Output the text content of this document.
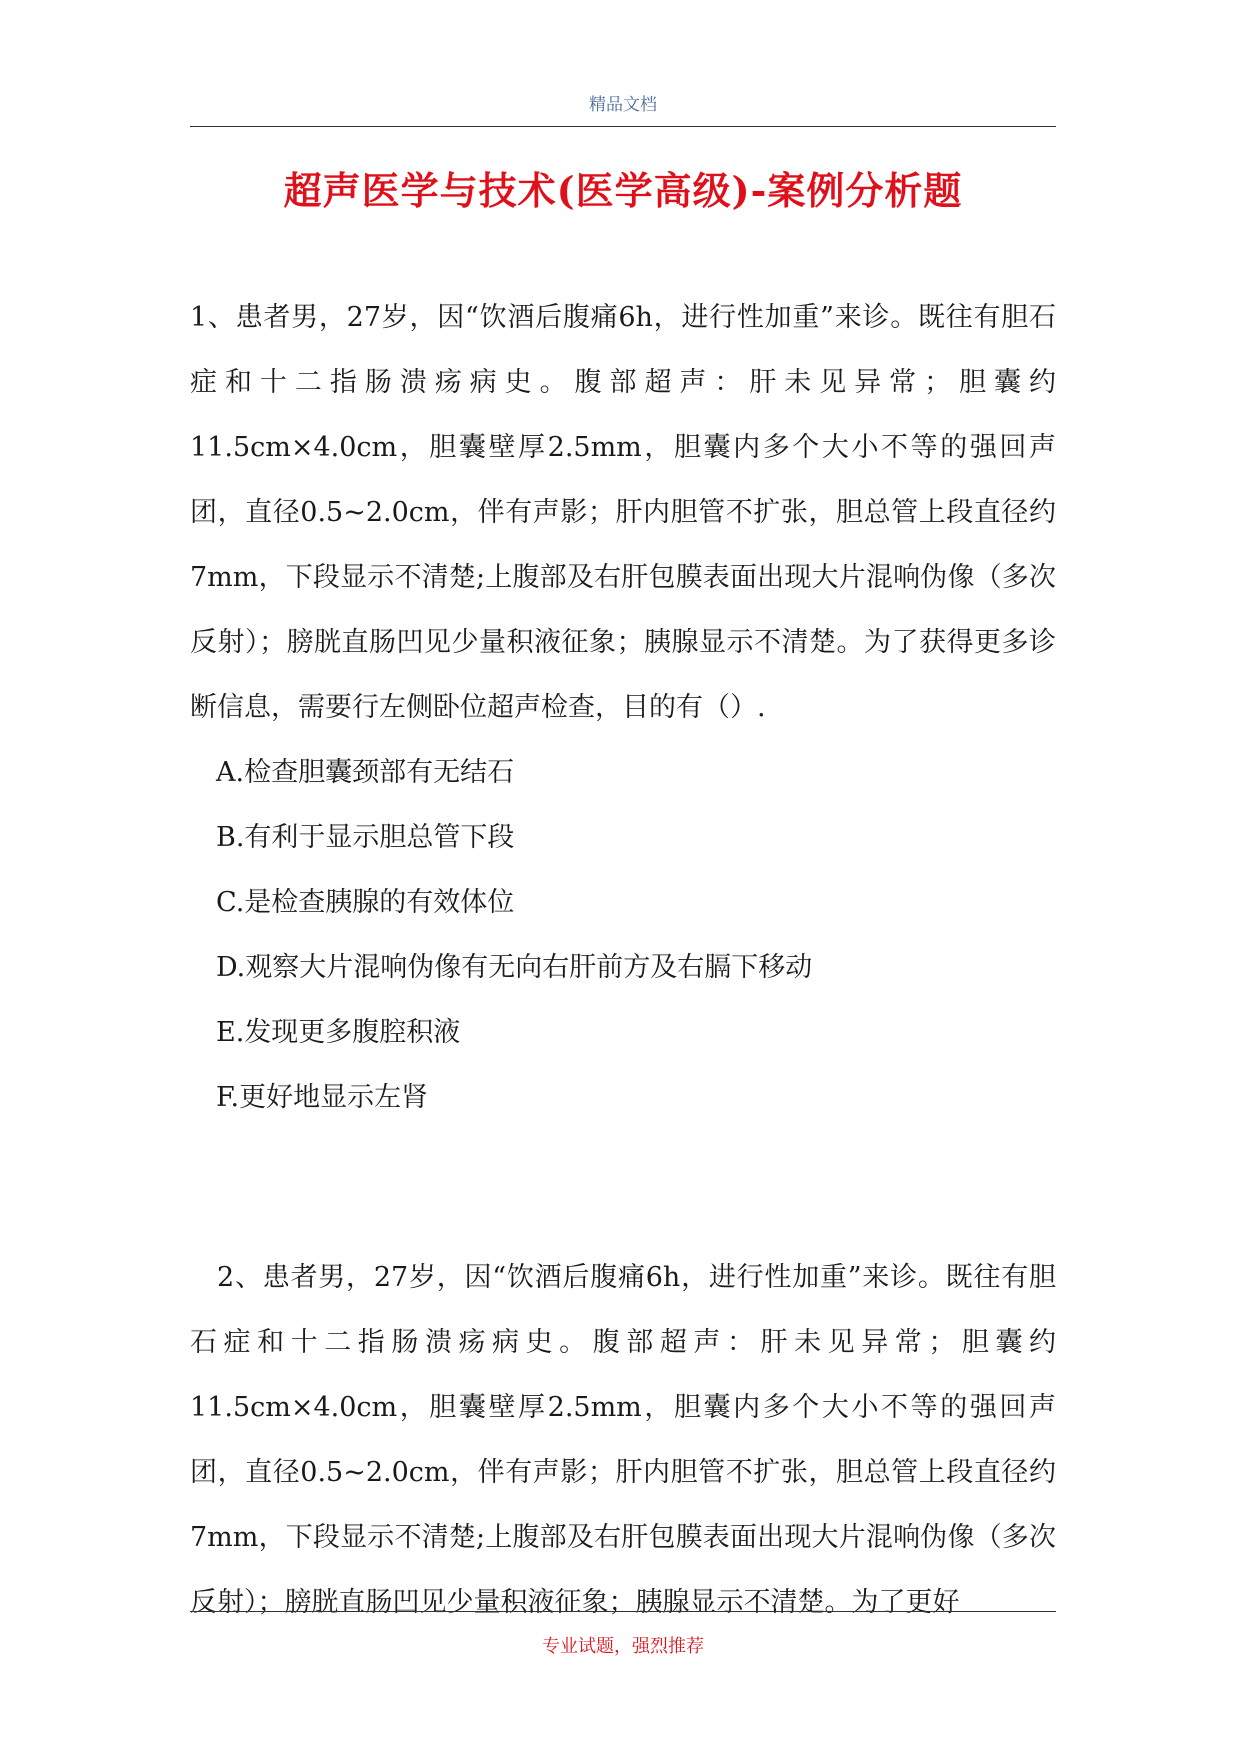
精品文档
超声医学与技术(医学高级)-案例分析题

1、患者男，27岁，因“饮酒后腹痛6h，进行性加重”来诊。既往有胆石症和十二指肠溃疡病史。腹部超声：肝未见异常；胆囊约11.5cm×4.0cm，胆囊壁厚2.5mm，胆囊内多个大小不等的强回声团，直径0.5~2.0cm，伴有声影；肝内胆管不扩张，胆总管上段直径约7mm，下段显示不清楚;上腹部及右肝包膜表面出现大片混响伪像（多次反射）；膀胱直肠凹见少量积液征象；胰腺显示不清楚。为了获得更多诊断信息，需要行左侧卧位超声检查，目的有（）.

A.检查胆囊颈部有无结石
B.有利于显示胆总管下段
C.是检查胰腺的有效体位
D.观察大片混响伪像有无向右肝前方及右膈下移动
E.发现更多腹腔积液
F.更好地显示左肾

2、患者男，27岁，因“饮酒后腹痛6h，进行性加重”来诊。既往有胆石症和十二指肠溃疡病史。腹部超声：肝未见异常；胆囊约11.5cm×4.0cm，胆囊壁厚2.5mm，胆囊内多个大小不等的强回声团，直径0.5~2.0cm，伴有声影；肝内胆管不扩张，胆总管上段直径约7mm，下段显示不清楚;上腹部及右肝包膜表面出现大片混响伪像（多次反射）；膀胱直肠凹见少量积液征象；胰腺显示不清楚。为了更好

专业试题，强烈推荐
